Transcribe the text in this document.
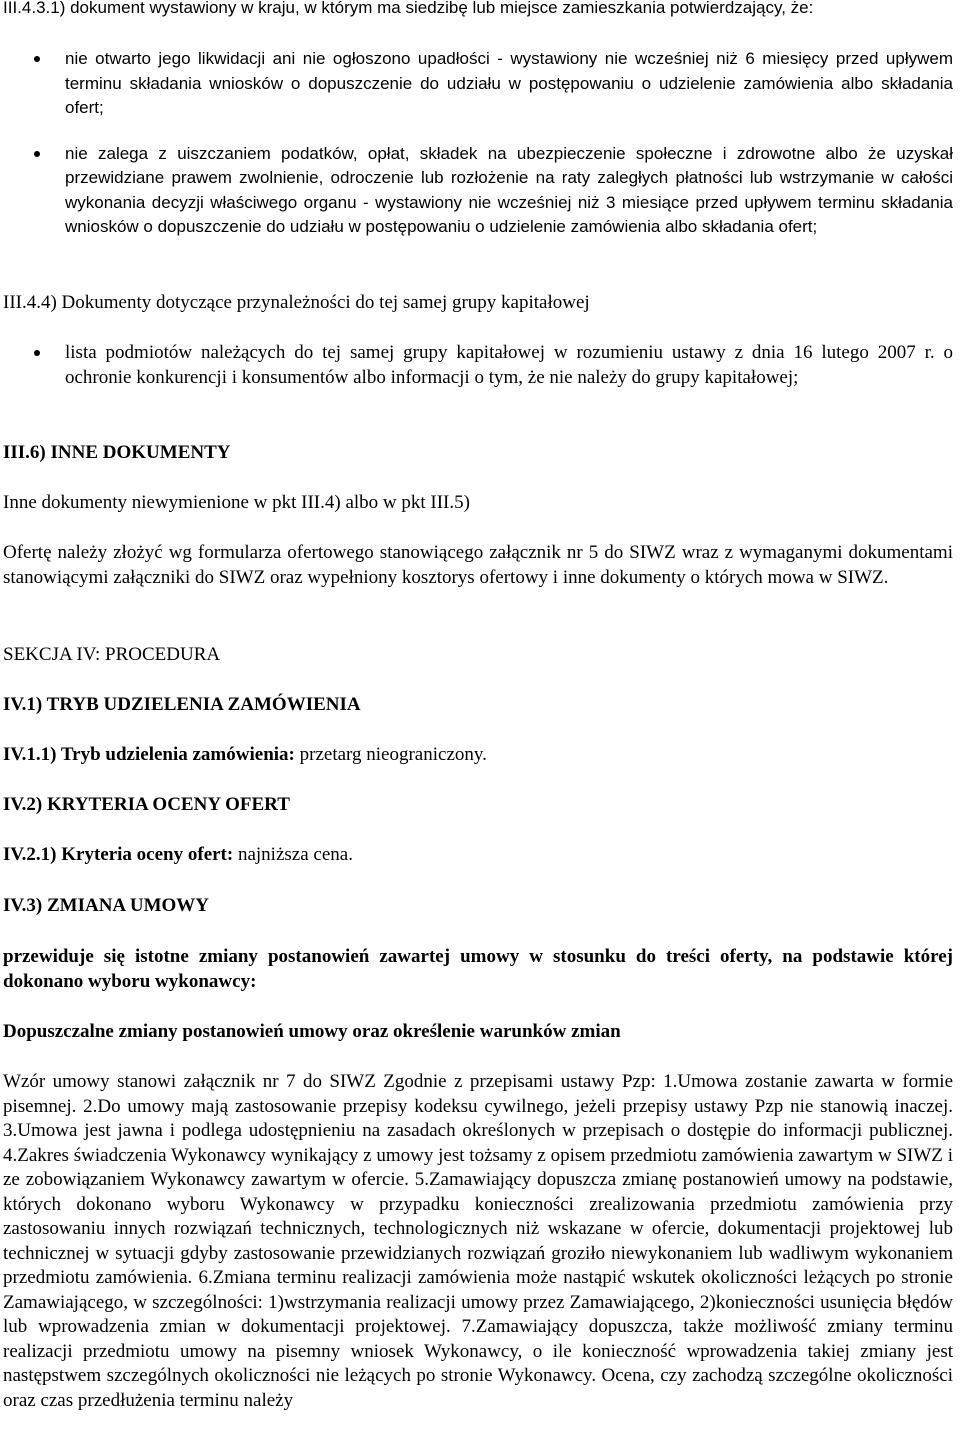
III.4.3.1) dokument wystawiony w kraju, w którym ma siedzibę lub miejsce zamieszkania potwierdzający, że:

nie otwarto jego likwidacji ani nie ogłoszono upadłości - wystawiony nie wcześniej niż 6 miesięcy przed upływem terminu składania wniosków o dopuszczenie do udziału w postępowaniu o udzielenie zamówienia albo składania ofert;
nie zalega z uiszczaniem podatków, opłat, składek na ubezpieczenie społeczne i zdrowotne albo że uzyskał przewidziane prawem zwolnienie, odroczenie lub rozłożenie na raty zaległych płatności lub wstrzymanie w całości wykonania decyzji właściwego organu - wystawiony nie wcześniej niż 3 miesiące przed upływem terminu składania wniosków o dopuszczenie do udziału w postępowaniu o udzielenie zamówienia albo składania ofert;

III.4.4) Dokumenty dotyczące przynależności do tej samej grupy kapitałowej

lista podmiotów należących do tej samej grupy kapitałowej w rozumieniu ustawy z dnia 16 lutego 2007 r. o ochronie konkurencji i konsumentów albo informacji o tym, że nie należy do grupy kapitałowej;

III.6) INNE DOKUMENTY

Inne dokumenty niewymienione w pkt III.4) albo w pkt III.5)

Ofertę należy złożyć wg formularza ofertowego stanowiącego załącznik nr 5 do SIWZ wraz z wymaganymi dokumentami stanowiącymi załączniki do SIWZ oraz wypełniony kosztorys ofertowy i inne dokumenty o których mowa w SIWZ.

SEKCJA IV: PROCEDURA

IV.1) TRYB UDZIELENIA ZAMÓWIENIA

IV.1.1) Tryb udzielenia zamówienia: przetarg nieograniczony.

IV.2) KRYTERIA OCENY OFERT

IV.2.1) Kryteria oceny ofert: najniższa cena.

IV.3) ZMIANA UMOWY

przewiduje się istotne zmiany postanowień zawartej umowy w stosunku do treści oferty, na podstawie której dokonano wyboru wykonawcy:

Dopuszczalne zmiany postanowień umowy oraz określenie warunków zmian

Wzór umowy stanowi załącznik nr 7 do SIWZ Zgodnie z przepisami ustawy Pzp: 1.Umowa zostanie zawarta w formie pisemnej. 2.Do umowy mają zastosowanie przepisy kodeksu cywilnego, jeżeli przepisy ustawy Pzp nie stanowią inaczej. 3.Umowa jest jawna i podlega udostępnieniu na zasadach określonych w przepisach o dostępie do informacji publicznej. 4.Zakres świadczenia Wykonawcy wynikający z umowy jest tożsamy z opisem przedmiotu zamówienia zawartym w SIWZ i ze zobowiązaniem Wykonawcy zawartym w ofercie. 5.Zamawiający dopuszcza zmianę postanowień umowy na podstawie, których dokonano wyboru Wykonawcy w przypadku konieczności zrealizowania przedmiotu zamówienia przy zastosowaniu innych rozwiązań technicznych, technologicznych niż wskazane w ofercie, dokumentacji projektowej lub technicznej w sytuacji gdyby zastosowanie przewidzianych rozwiązań groziło niewykonaniem lub wadliwym wykonaniem przedmiotu zamówienia. 6.Zmiana terminu realizacji zamówienia może nastąpić wskutek okoliczności leżących po stronie Zamawiającego, w szczególności: 1)wstrzymania realizacji umowy przez Zamawiającego, 2)konieczności usunięcia błędów lub wprowadzenia zmian w dokumentacji projektowej. 7.Zamawiający dopuszcza, także możliwość zmiany terminu realizacji przedmiotu umowy na pisemny wniosek Wykonawcy, o ile konieczność wprowadzenia takiej zmiany jest następstwem szczególnych okoliczności nie leżących po stronie Wykonawcy. Ocena, czy zachodzą szczególne okoliczności oraz czas przedłużenia terminu należy
